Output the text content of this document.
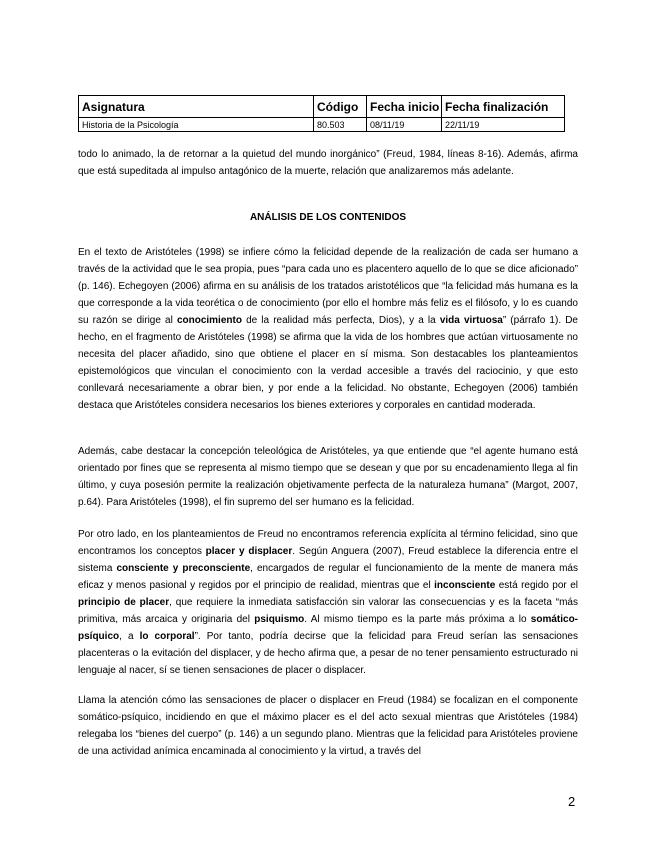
Asignatura	Código	Fecha inicio	Fecha finalización
Historia de la Psicología	80.503	08/11/19	22/11/19

todo lo animado, la de retornar a la quietud del mundo inorgánico” (Freud, 1984, líneas 8-16). Además, afirma que está supeditada al impulso antagónico de la muerte, relación que analizaremos más adelante.

ANÁLISIS DE LOS CONTENIDOS

En el texto de Aristóteles (1998) se infiere cómo la felicidad depende de la realización de cada ser humano a través de la actividad que le sea propia, pues “para cada uno es placentero aquello de lo que se dice aficionado” (p. 146). Echegoyen (2006) afirma en su análisis de los tratados aristotélicos que “la felicidad más humana es la que corresponde a la vida teorética o de conocimiento (por ello el hombre más feliz es el filósofo, y lo es cuando su razón se dirige al conocimiento de la realidad más perfecta, Dios), y a la vida virtuosa” (párrafo 1). De hecho, en el fragmento de Aristóteles (1998) se afirma que la vida de los hombres que actúan virtuosamente no necesita del placer añadido, sino que obtiene el placer en sí misma. Son destacables los planteamientos epistemológicos que vinculan el conocimiento con la verdad accesible a través del raciocinio, y que esto conllevará necesariamente a obrar bien, y por ende a la felicidad. No obstante, Echegoyen (2006) también destaca que Aristóteles considera necesarios los bienes exteriores y corporales en cantidad moderada.

Además, cabe destacar la concepción teleológica de Aristóteles, ya que entiende que “el agente humano está orientado por fines que se representa al mismo tiempo que se desean y que por su encadenamiento llega al fin último, y cuya posesión permite la realización objetivamente perfecta de la naturaleza humana” (Margot, 2007, p.64). Para Aristóteles (1998), el fin supremo del ser humano es la felicidad.

Por otro lado, en los planteamientos de Freud no encontramos referencia explícita al término felicidad, sino que encontramos los conceptos placer y displacer. Según Anguera (2007), Freud establece la diferencia entre el sistema consciente y preconsciente, encargados de regular el funcionamiento de la mente de manera más eficaz y menos pasional y regidos por el principio de realidad, mientras que el inconsciente está regido por el principio de placer, que requiere la inmediata satisfacción sin valorar las consecuencias y es la faceta “más primitiva, más arcaica y originaria del psiquismo. Al mismo tiempo es la parte más próxima a lo somático-psíquico, a lo corporal”. Por tanto, podría decirse que la felicidad para Freud serían las sensaciones placenteras o la evitación del displacer, y de hecho afirma que, a pesar de no tener pensamiento estructurado ni lenguaje al nacer, sí se tienen sensaciones de placer o displacer.

Llama la atención cómo las sensaciones de placer o displacer en Freud (1984) se focalizan en el componente somático-psíquico, incidiendo en que el máximo placer es el del acto sexual mientras que Aristóteles (1984) relegaba los “bienes del cuerpo” (p. 146) a un segundo plano. Mientras que la felicidad para Aristóteles proviene de una actividad anímica encaminada al conocimiento y la virtud, a través del

2
